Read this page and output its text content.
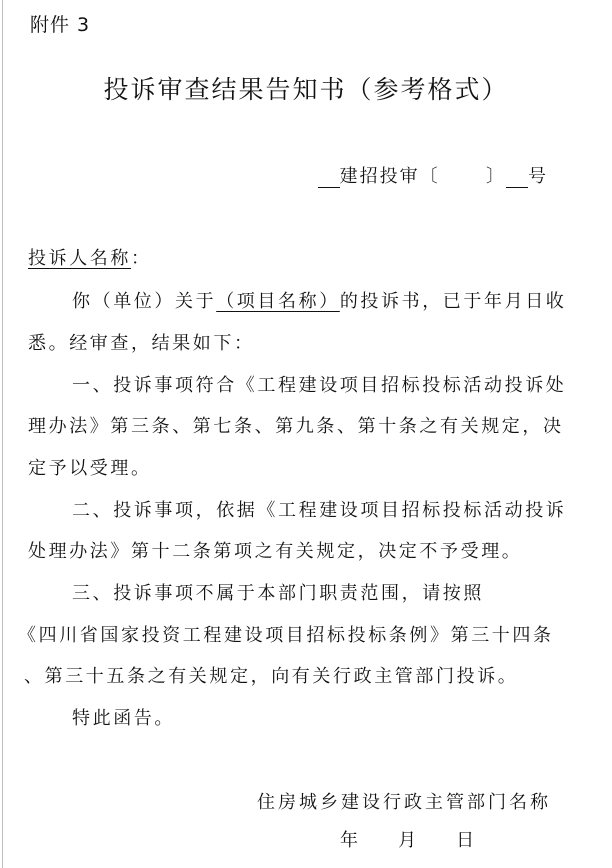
附件 3
投诉审查结果告知书（参考格式）
建招投审〔	〕 号
投诉人名称：
你（单位）关于（项目名称）的投诉书，已于年月日收
悉。经审查，结果如下：
一、投诉事项符合《工程建设项目招标投标活动投诉处
理办法》第三条、第七条、第九条、第十条之有关规定，决
定予以受理。
二、投诉事项，依据《工程建设项目招标投标活动投诉
处理办法》第十二条第项之有关规定，决定不予受理。
三、投诉事项不属于本部门职责范围，请按照
《四川省国家投资工程建设项目招标投标条例》第三十四条
、第三十五条之有关规定，向有关行政主管部门投诉。
特此函告。
住房城乡建设行政主管部门名称
年 月 日
